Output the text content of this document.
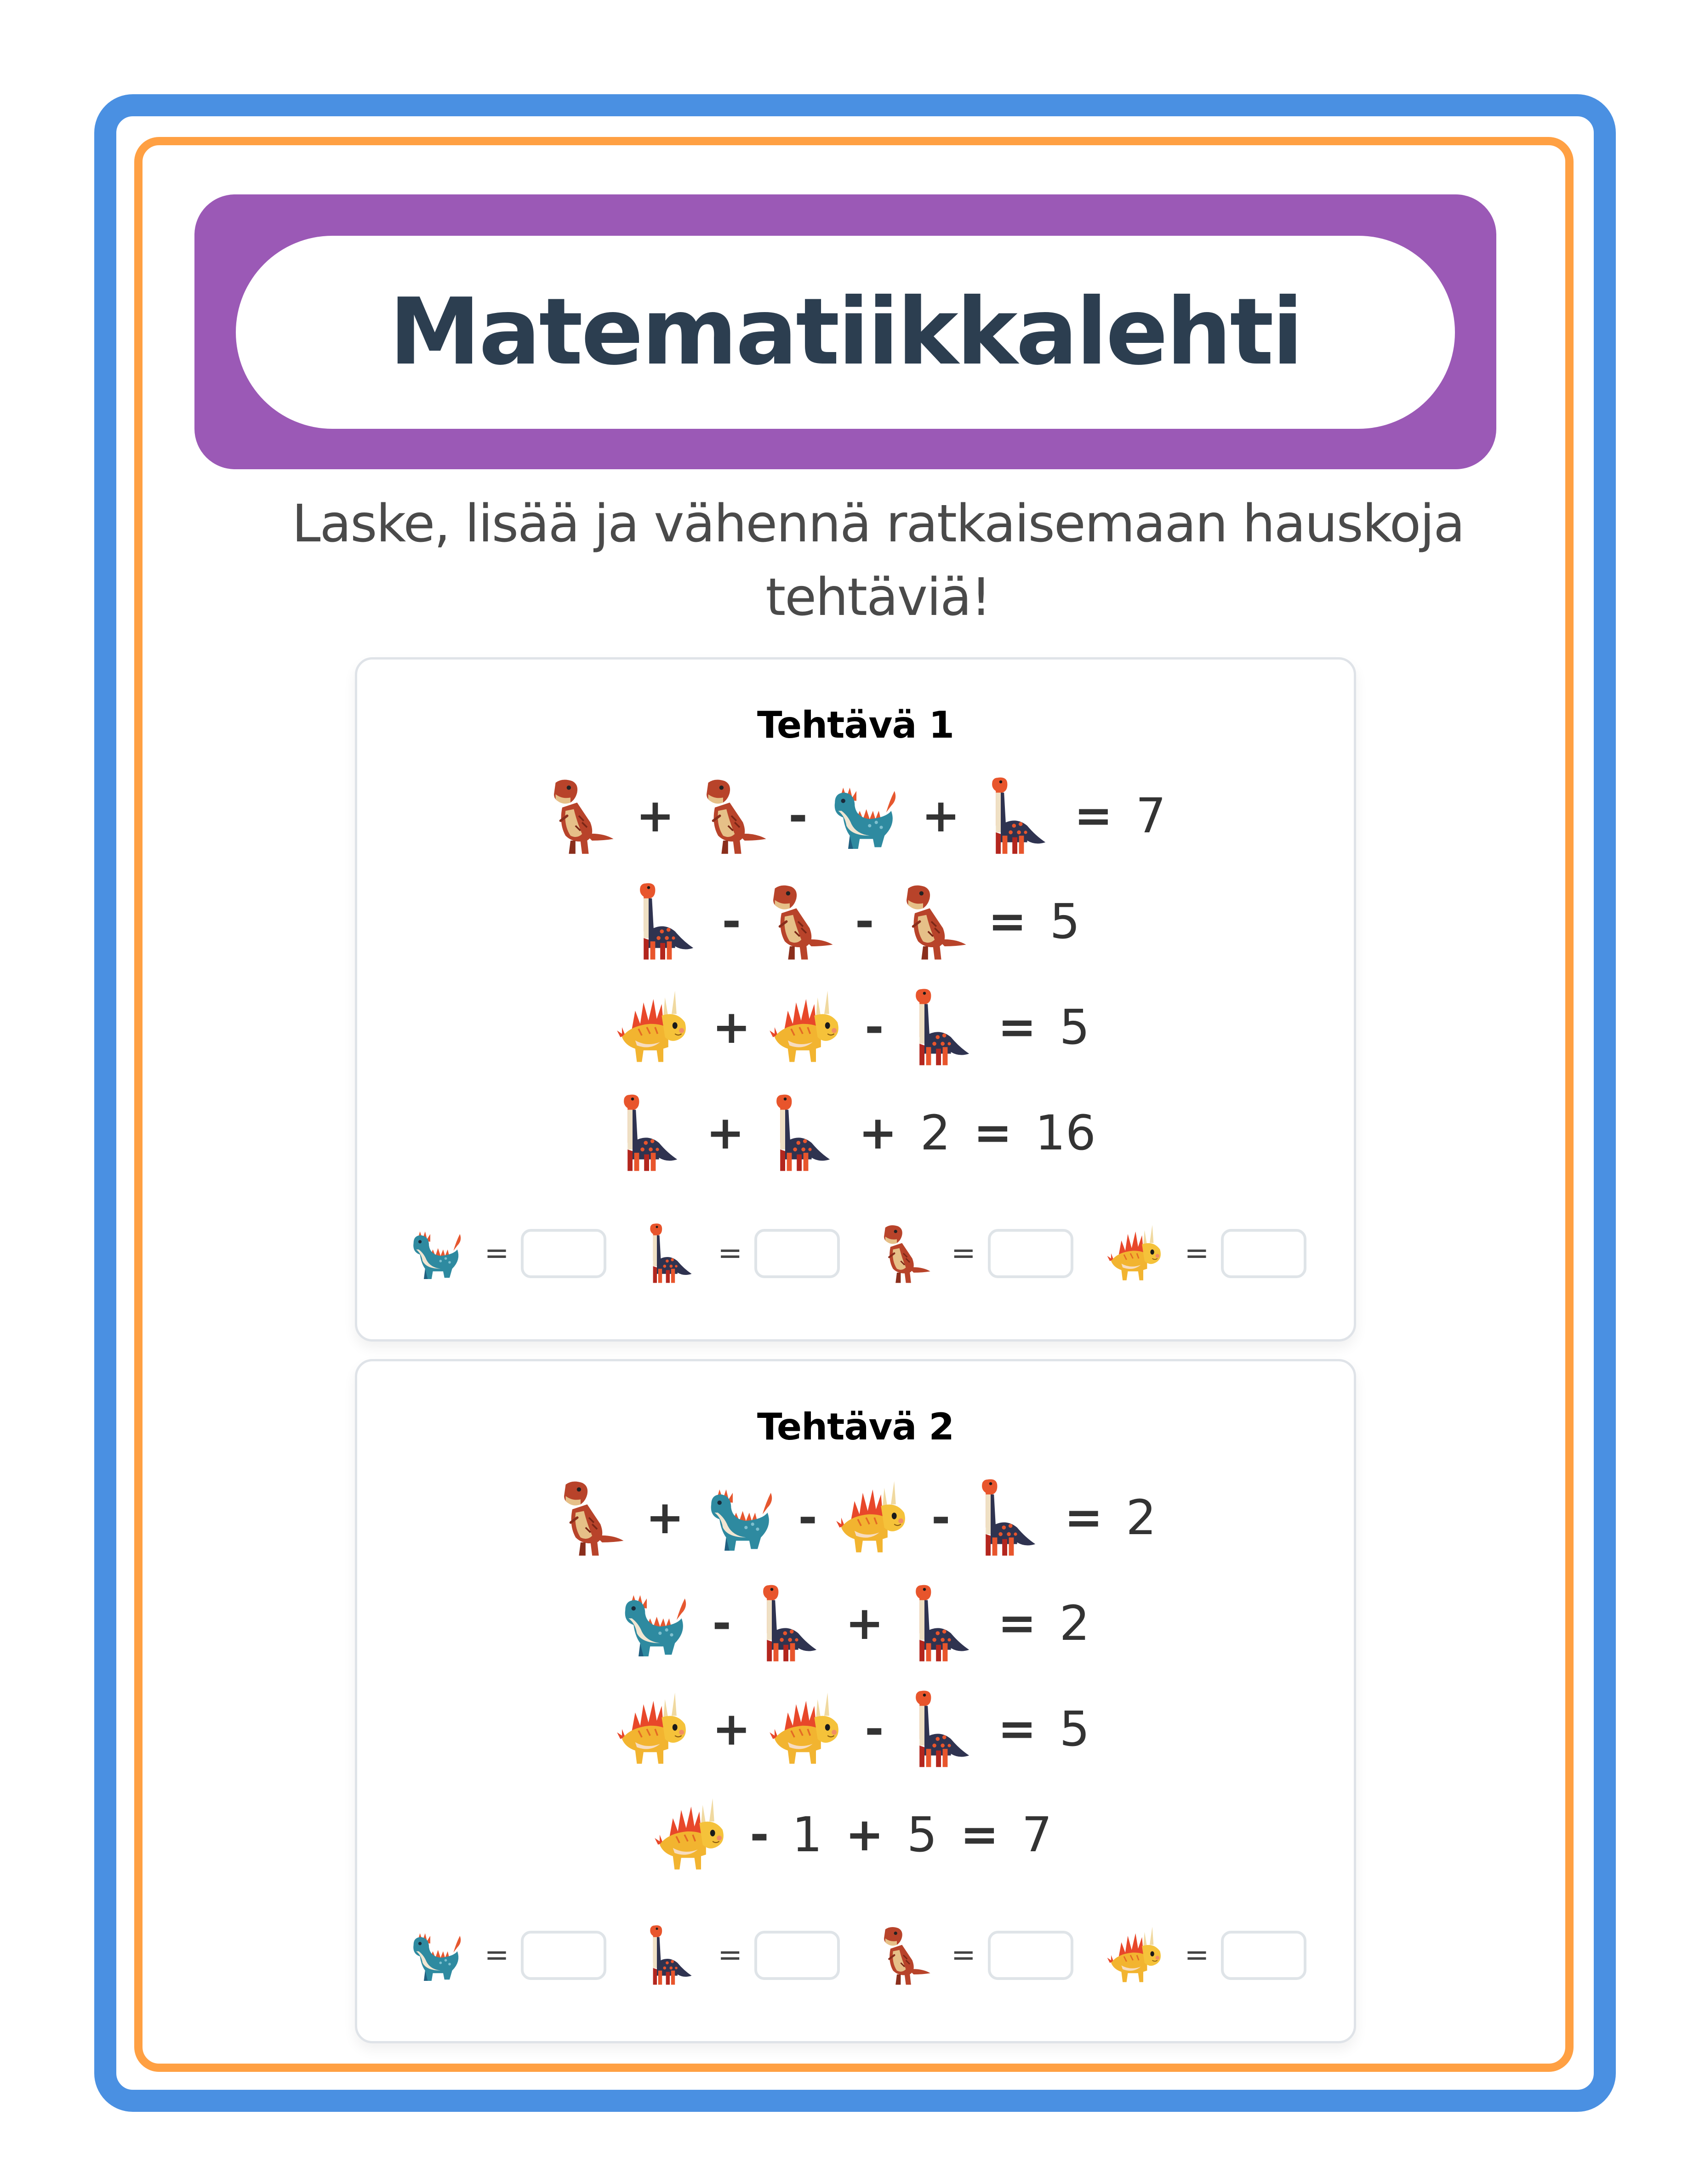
Matematiikkalehti
Laske, lisää ja vähennä ratkaisemaan hauskoja tehtäviä!
Tehtävä 1
+ - + = 7
- - = 5
+ - = 5
+ + 2 = 16
=	=	=	=
Tehtävä 2
+ - - = 2
- + = 2
+ - = 5
- 1 + 5 = 7
=	=	=	=
